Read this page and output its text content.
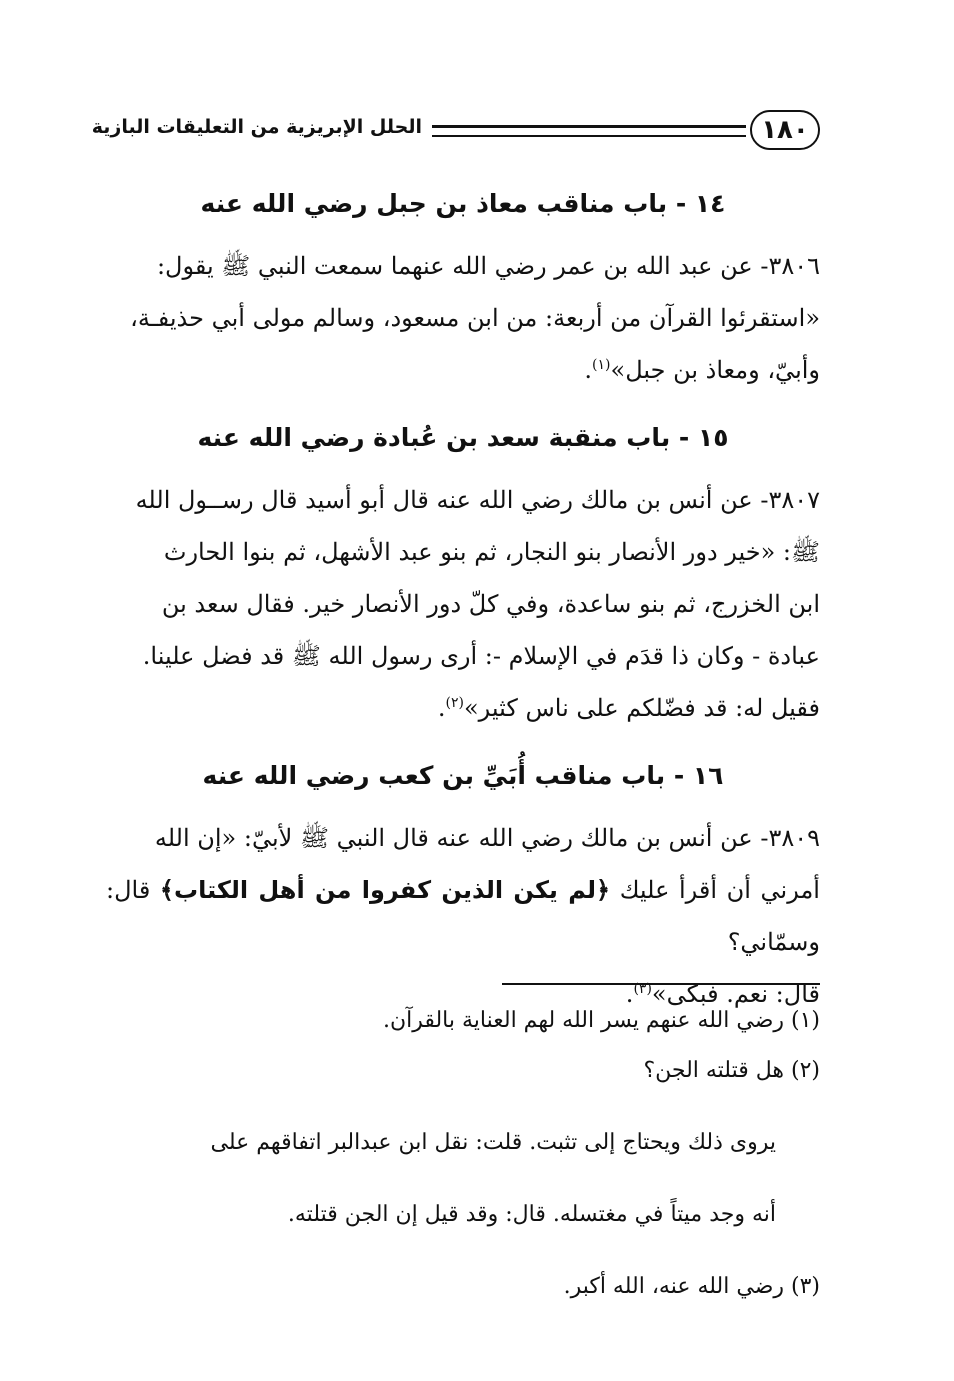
١٨٠
الحلل الإبريزية من التعليقات البازية
١٤ - باب مناقب معاذ بن جبل رضي الله عنه

٣٨٠٦- عن عبد الله بن عمر رضي الله عنهما سمعت النبي ﷺ يقول:

«استقرئوا القرآن من أربعة: من ابن مسعود، وسالم مولى أبي حذيفـة،

وأبيّ، ومعاذ بن جبل»$^{(١)}$.

١٥ - باب منقبة سعد بن عُبادة رضي الله عنه

٣٨٠٧- عن أنس بن مالك رضي الله عنه قال أبو أسيد قال رســول الله

ﷺ: «خير دور الأنصار بنو النجار، ثم بنو عبد الأشهل، ثم بنوا الحارث

ابن الخزرج، ثم بنو ساعدة، وفي كلّ دور الأنصار خير. فقال سعد بن

عبادة - وكان ذا قدَم في الإسلام -: أرى رسول الله ﷺ قد فضل علينا.

فقيل له: قد فضّلكم على ناس كثير»$^{(٢)}$.

١٦ - باب مناقب أُبَيِّ بن كعب رضي الله عنه

٣٨٠٩- عن أنس بن مالك رضي الله عنه قال النبي ﷺ لأبيّ: «إن الله

أمرني أن أقرأ عليك ﴿لم يكن الذين كفروا من أهل الكتاب﴾ قال: وسمّاني؟

قال: نعم. فبكى»$^{(٣)}$.

(١) رضي الله عنهم يسر الله لهم العناية بالقرآن.

(٢) هل قتلته الجن؟

يروى ذلك ويحتاج إلى تثبت. قلت: نقل ابن عبدالبر اتفاقهم على

أنه وجد ميتاً في مغتسله. قال: وقد قيل إن الجن قتلته.

(٣) رضي الله عنه، الله أكبر.
